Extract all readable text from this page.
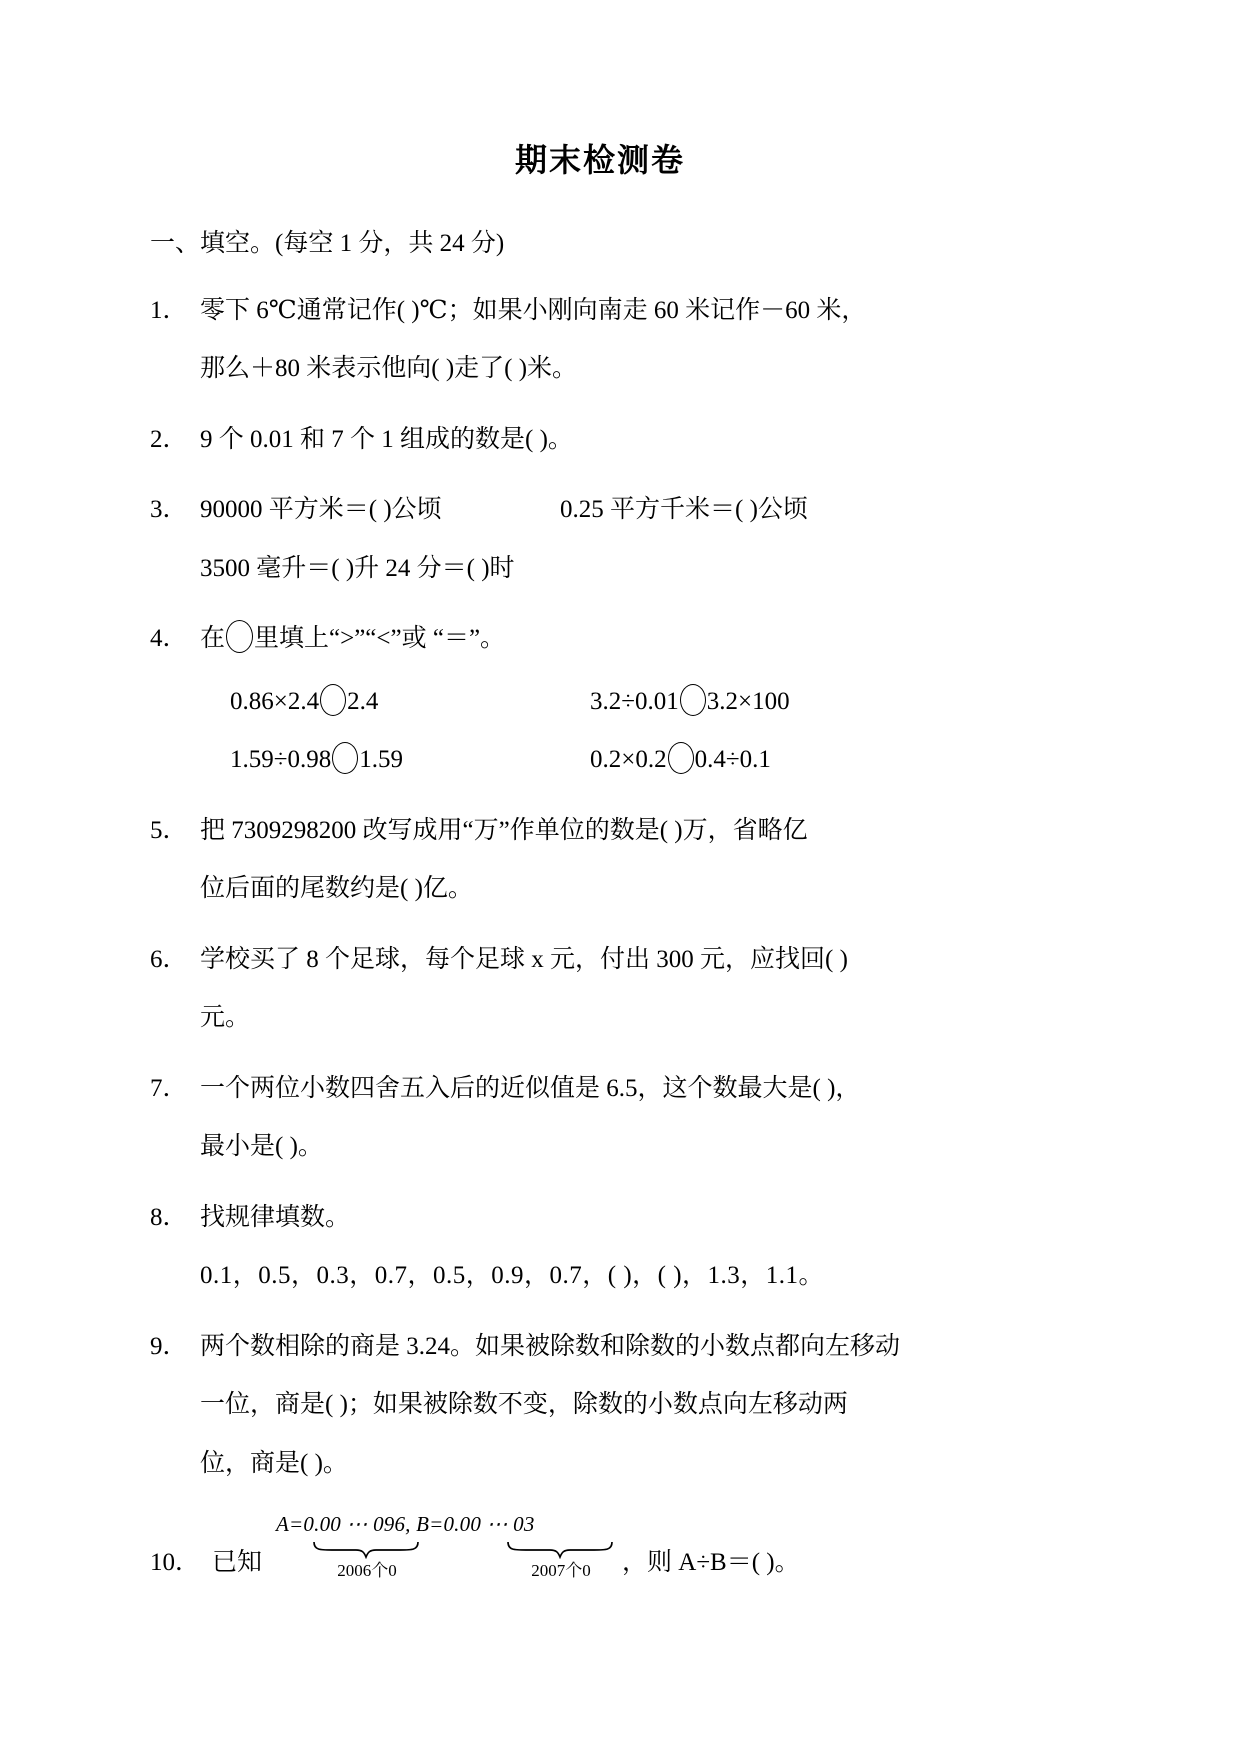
期末检测卷
一、填空。(每空 1 分，共 24 分)
1． 零下 6℃通常记作( )℃；如果小刚向南走 60 米记作－60 米，
那么＋80 米表示他向( )走了( )米。
2． 9 个 0.01 和 7 个 1 组成的数是( )。
3． 90000 平方米＝( )公顷	0.25 平方千米＝( )公顷
3500 毫升＝( )升 24 分＝( )时
4． 在 里填上“>”“<”或 “＝”。
0.86×2.4 2.4	3.2÷0.01 3.2×100
1.59÷0.98 1.59	0.2×0.2 0.4÷0.1
5． 把 7309298200 改写成用“万”作单位的数是( )万，省略亿
位后面的尾数约是( )亿。
6． 学校买了 8 个足球，每个足球 x 元，付出 300 元，应找回( )
元。
7． 一个两位小数四舍五入后的近似值是 6.5，这个数最大是( )，
最小是( )。
8． 找规律填数。
0.1，0.5，0.3，0.7，0.5，0.9，0.7，( )，( )，1.3，1.1。
9． 两个数相除的商是 3.24。如果被除数和除数的小数点都向左移动
一位，商是( )；如果被除数不变，除数的小数点向左移动两
位，商是( )。
10． 已知
A=0.00 ⋯ 096, B=0.00 ⋯ 03
2006个0	2007个0	，则 A÷B＝( )。
